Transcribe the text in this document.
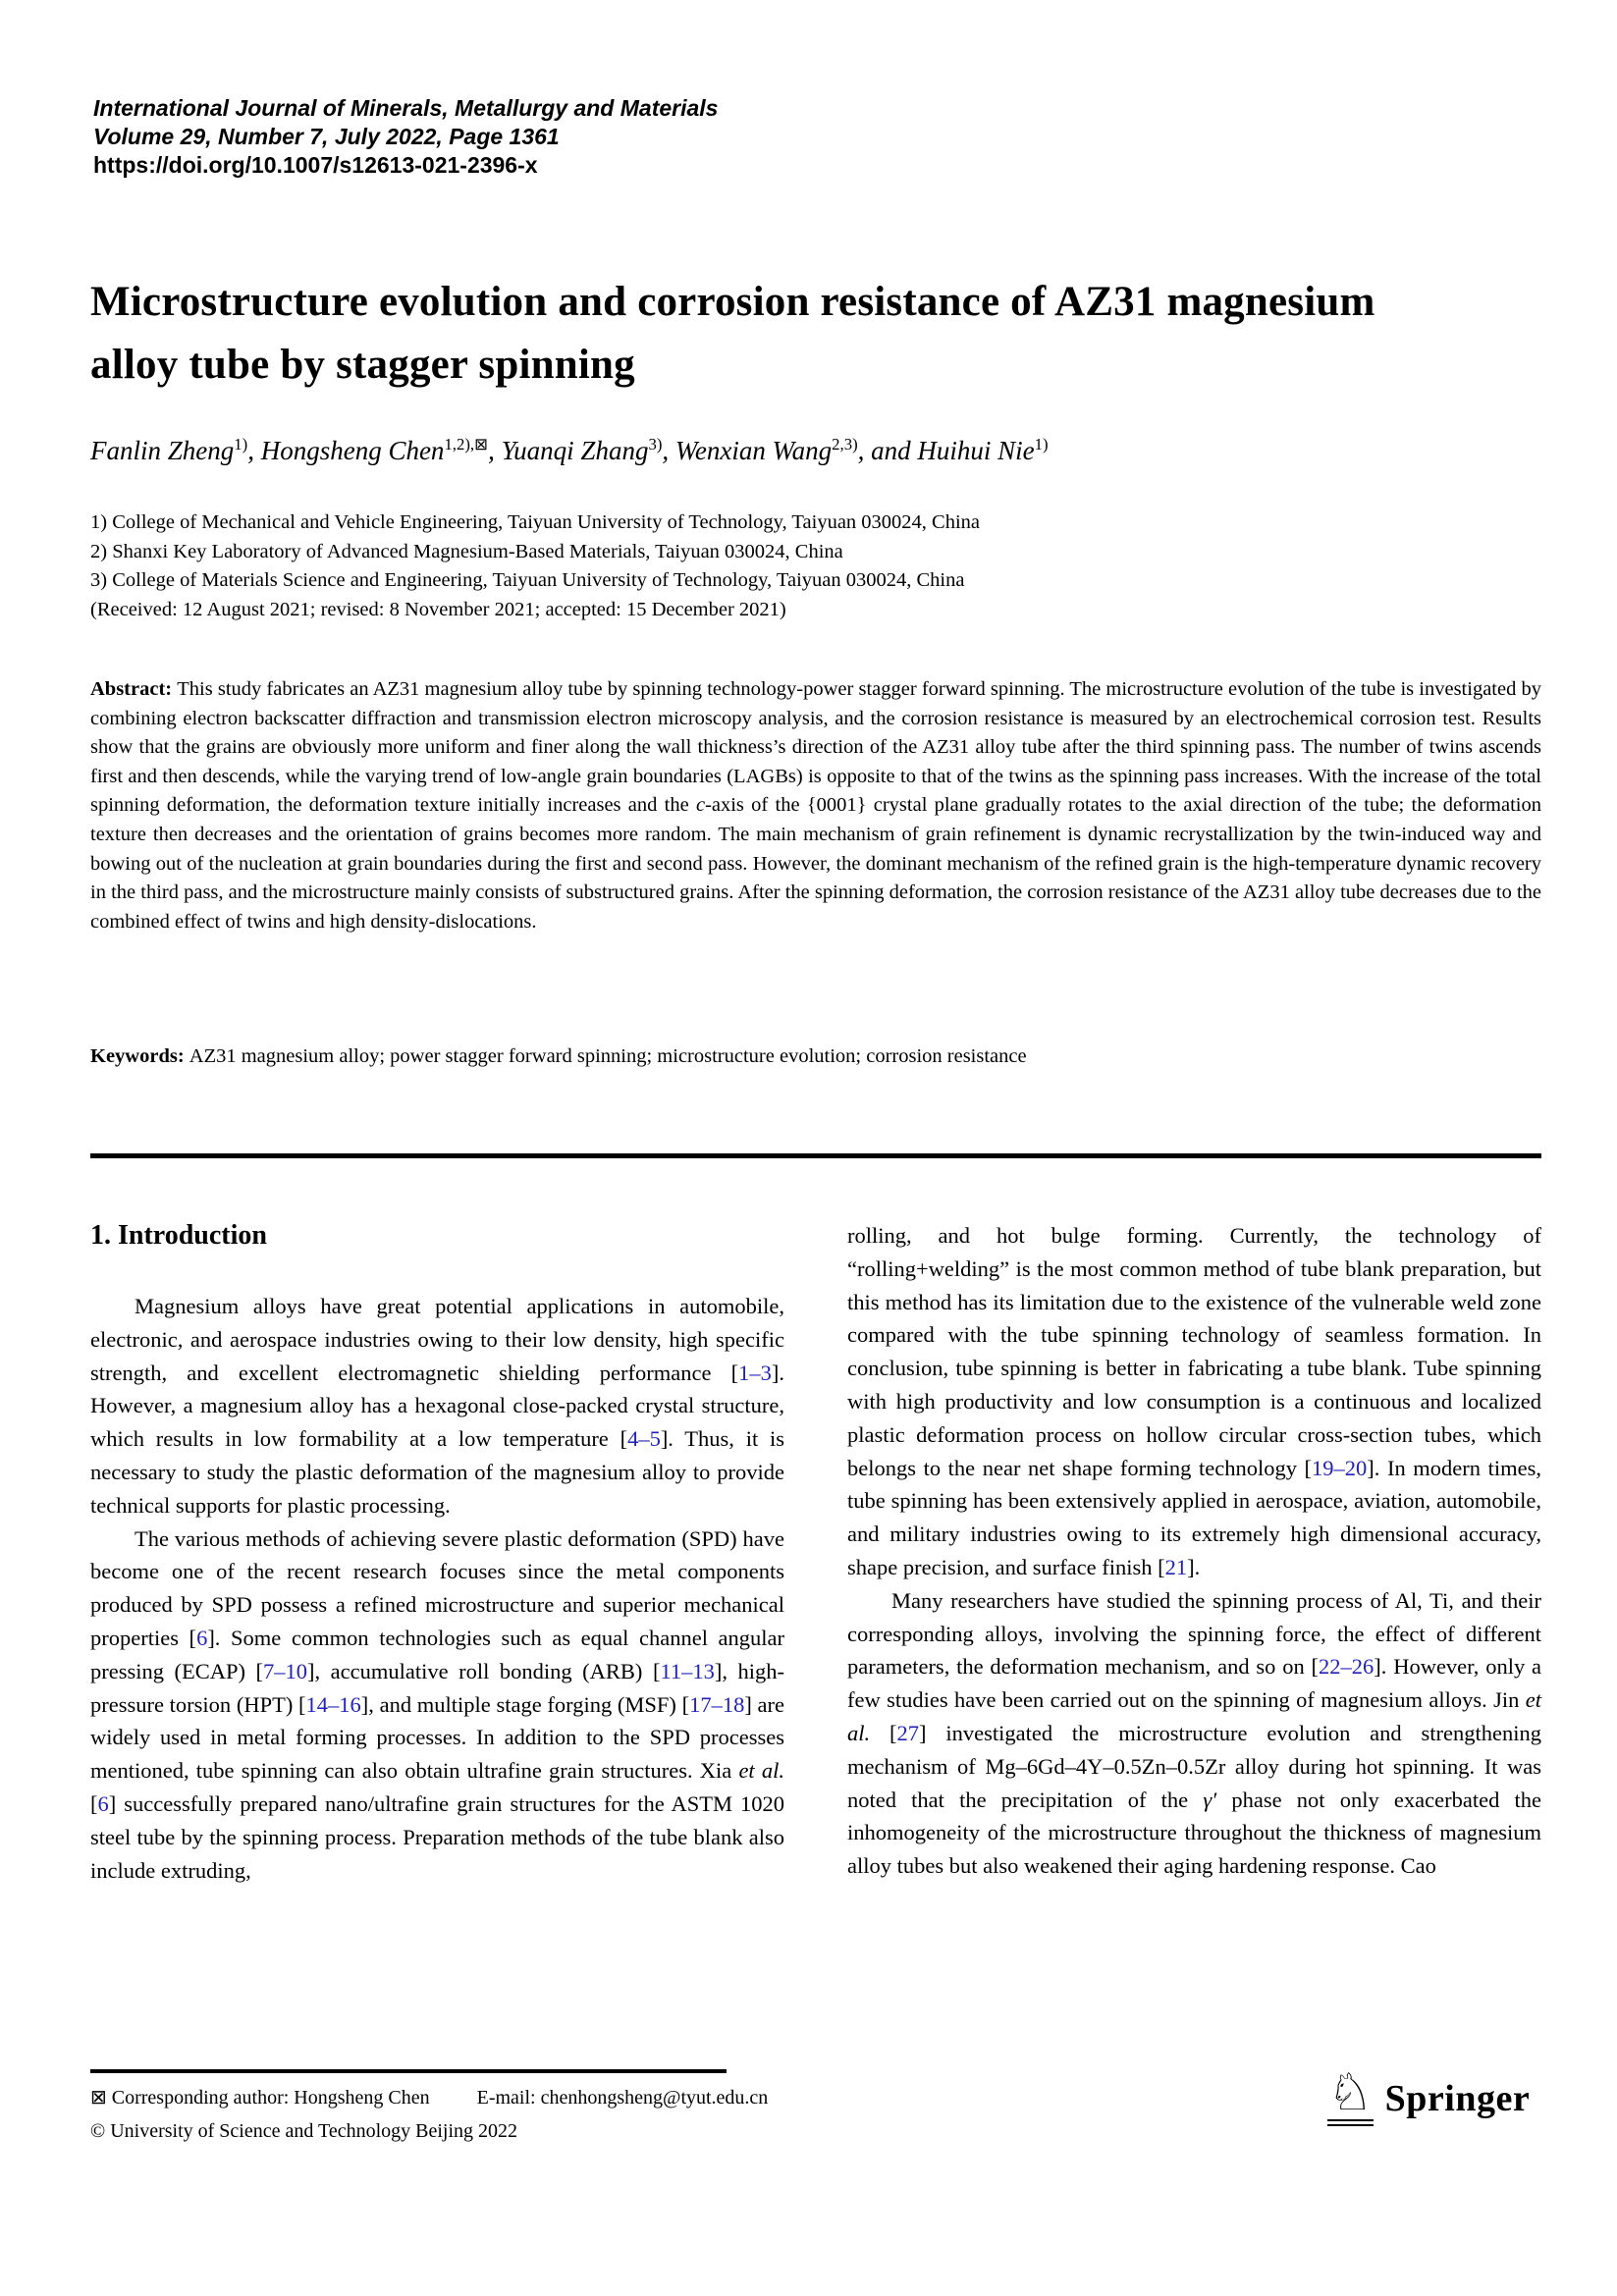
International Journal of Minerals, Metallurgy and Materials
Volume 29, Number 7, July 2022, Page 1361
https://doi.org/10.1007/s12613-021-2396-x
Microstructure evolution and corrosion resistance of AZ31 magnesium alloy tube by stagger spinning
Fanlin Zheng$^{1)}$, Hongsheng Chen$^{1,2),⊠}$, Yuanqi Zhang$^{3)}$, Wenxian Wang$^{2,3)}$, and Huihui Nie$^{1)}$
1) College of Mechanical and Vehicle Engineering, Taiyuan University of Technology, Taiyuan 030024, China
2) Shanxi Key Laboratory of Advanced Magnesium-Based Materials, Taiyuan 030024, China
3) College of Materials Science and Engineering, Taiyuan University of Technology, Taiyuan 030024, China
(Received: 12 August 2021; revised: 8 November 2021; accepted: 15 December 2021)
Abstract: This study fabricates an AZ31 magnesium alloy tube by spinning technology-power stagger forward spinning. The microstructure evolution of the tube is investigated by combining electron backscatter diffraction and transmission electron microscopy analysis, and the corrosion resistance is measured by an electrochemical corrosion test. Results show that the grains are obviously more uniform and finer along the wall thickness’s direction of the AZ31 alloy tube after the third spinning pass. The number of twins ascends first and then descends, while the varying trend of low-angle grain boundaries (LAGBs) is opposite to that of the twins as the spinning pass increases. With the increase of the total spinning deformation, the deformation texture initially increases and the c-axis of the {0001} crystal plane gradually rotates to the axial direction of the tube; the deformation texture then decreases and the orientation of grains becomes more random. The main mechanism of grain refinement is dynamic recrystallization by the twin-induced way and bowing out of the nucleation at grain boundaries during the first and second pass. However, the dominant mechanism of the refined grain is the high-temperature dynamic recovery in the third pass, and the microstructure mainly consists of substructured grains. After the spinning deformation, the corrosion resistance of the AZ31 alloy tube decreases due to the combined effect of twins and high density-dislocations.
Keywords: AZ31 magnesium alloy; power stagger forward spinning; microstructure evolution; corrosion resistance
1. Introduction

Magnesium alloys have great potential applications in automobile, electronic, and aerospace industries owing to their low density, high specific strength, and excellent electromagnetic shielding performance [1–3]. However, a magnesium alloy has a hexagonal close-packed crystal structure, which results in low formability at a low temperature [4–5]. Thus, it is necessary to study the plastic deformation of the magnesium alloy to provide technical supports for plastic processing.

The various methods of achieving severe plastic deformation (SPD) have become one of the recent research focuses since the metal components produced by SPD possess a refined microstructure and superior mechanical properties [6]. Some common technologies such as equal channel angular pressing (ECAP) [7–10], accumulative roll bonding (ARB) [11–13], high-pressure torsion (HPT) [14–16], and multiple stage forging (MSF) [17–18] are widely used in metal forming processes. In addition to the SPD processes mentioned, tube spinning can also obtain ultrafine grain structures. Xia et al. [6] successfully prepared nano/ultrafine grain structures for the ASTM 1020 steel tube by the spinning process. Preparation methods of the tube blank also include extruding,

rolling, and hot bulge forming. Currently, the technology of “rolling+welding” is the most common method of tube blank preparation, but this method has its limitation due to the existence of the vulnerable weld zone compared with the tube spinning technology of seamless formation. In conclusion, tube spinning is better in fabricating a tube blank. Tube spinning with high productivity and low consumption is a continuous and localized plastic deformation process on hollow circular cross-section tubes, which belongs to the near net shape forming technology [19–20]. In modern times, tube spinning has been extensively applied in aerospace, aviation, automobile, and military industries owing to its extremely high dimensional accuracy, shape precision, and surface finish [21].

Many researchers have studied the spinning process of Al, Ti, and their corresponding alloys, involving the spinning force, the effect of different parameters, the deformation mechanism, and so on [22–26]. However, only a few studies have been carried out on the spinning of magnesium alloys. Jin et al. [27] investigated the microstructure evolution and strengthening mechanism of Mg–6Gd–4Y–0.5Zn–0.5Zr alloy during hot spinning. It was noted that the precipitation of the γ′ phase not only exacerbated the inhomogeneity of the microstructure throughout the thickness of magnesium alloy tubes but also weakened their aging hardening response. Cao

⊠ Corresponding author: Hongsheng Chen E-mail: chenhongsheng@tyut.edu.cn
© University of Science and Technology Beijing 2022
♘ Springer
